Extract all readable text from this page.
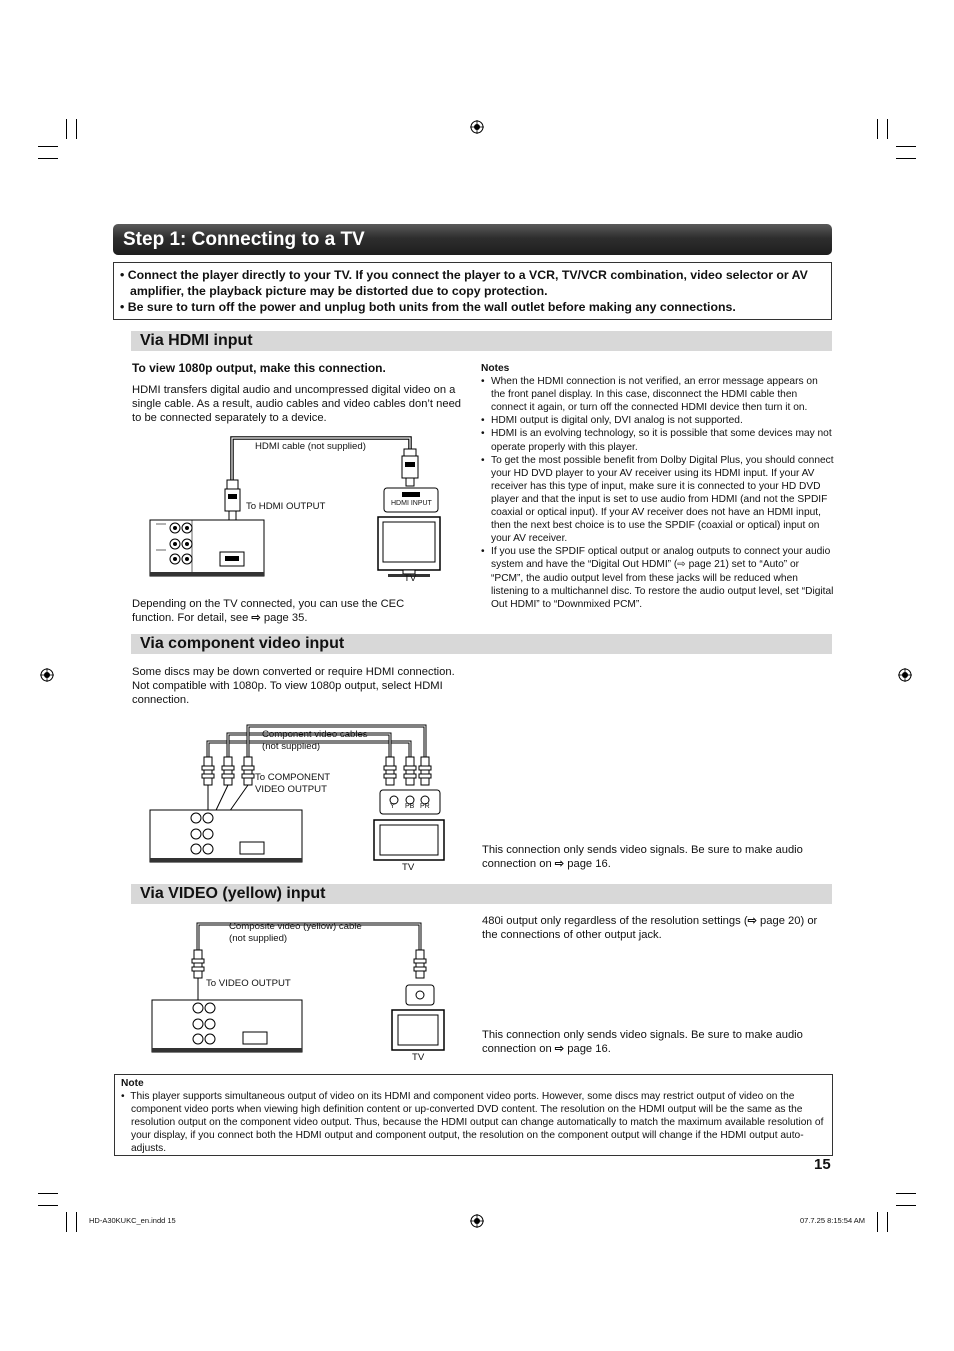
Step 1: Connecting to a TV
• Connect the player directly to your TV. If you connect the player to a VCR, TV/VCR combination, video selector or AV amplifier, the playback picture may be distorted due to copy protection.
• Be sure to turn off the power and unplug both units from the wall outlet before making any connections.
Via HDMI input
To view 1080p output, make this connection.
HDMI transfers digital audio and uncompressed digital video on a single cable. As a result, audio cables and video cables don’t need to be connected separately to a device.
HDMI cable (not supplied)
To HDMI OUTPUT	HDMI INPUT
TV
Depending on the TV connected, you can use the CEC function. For detail, see ⇨ page 35.
Notes
• When the HDMI connection is not verified, an error message appears on the front panel display. In this case, disconnect the HDMI cable then connect it again, or turn off the connected HDMI device then turn it on.
• HDMI output is digital only, DVI analog is not supported.
• HDMI is an evolving technology, so it is possible that some devices may not operate properly with this player.
• To get the most possible benefit from Dolby Digital Plus, you should connect your HD DVD player to your AV receiver using its HDMI input. If your AV receiver has this type of input, make sure it is connected to your HD DVD player and that the input is set to use audio from HDMI (and not the SPDIF coaxial or optical input). If your AV receiver does not have an HDMI input, then the next best choice is to use the SPDIF (coaxial or optical) input on your AV receiver.
• If you use the SPDIF optical output or analog outputs to connect your audio system and have the “Digital Out HDMI” (⇨ page 21) set to “Auto” or “PCM”, the audio output level from these jacks will be reduced when listening to a multichannel disc. To restore the audio output level, set “Digital Out HDMI” to “Downmixed PCM”.
Via component video input
Some discs may be down converted or require HDMI connection.
Not compatible with 1080p. To view 1080p output, select HDMI connection.
Component video cables
(not supplied)
To COMPONENT
VIDEO OUTPUT
Y PB PR
TV
This connection only sends video signals. Be sure to make audio connection on ⇨ page 16.
Via VIDEO (yellow) input
Composite video (yellow) cable
(not supplied)
To VIDEO OUTPUT
TV
480i output only regardless of the resolution settings (⇨ page 20) or the connections of other output jack.
This connection only sends video signals. Be sure to make audio connection on ⇨ page 16.
Note
•  This player supports simultaneous output of video on its HDMI and component video ports. However, some discs may restrict output of video on the component video ports when viewing high definition content or up-converted DVD content. The resolution on the HDMI output will be the same as the resolution output on the component video output. Thus, because the HDMI output can change automatically to match the maximum available resolution of your display, if you connect both the HDMI output and component output, the resolution on the component output will change if the HDMI output auto-adjusts.
15
HD-A30KUKC_en.indd 15	07.7.25 8:15:54 AM
